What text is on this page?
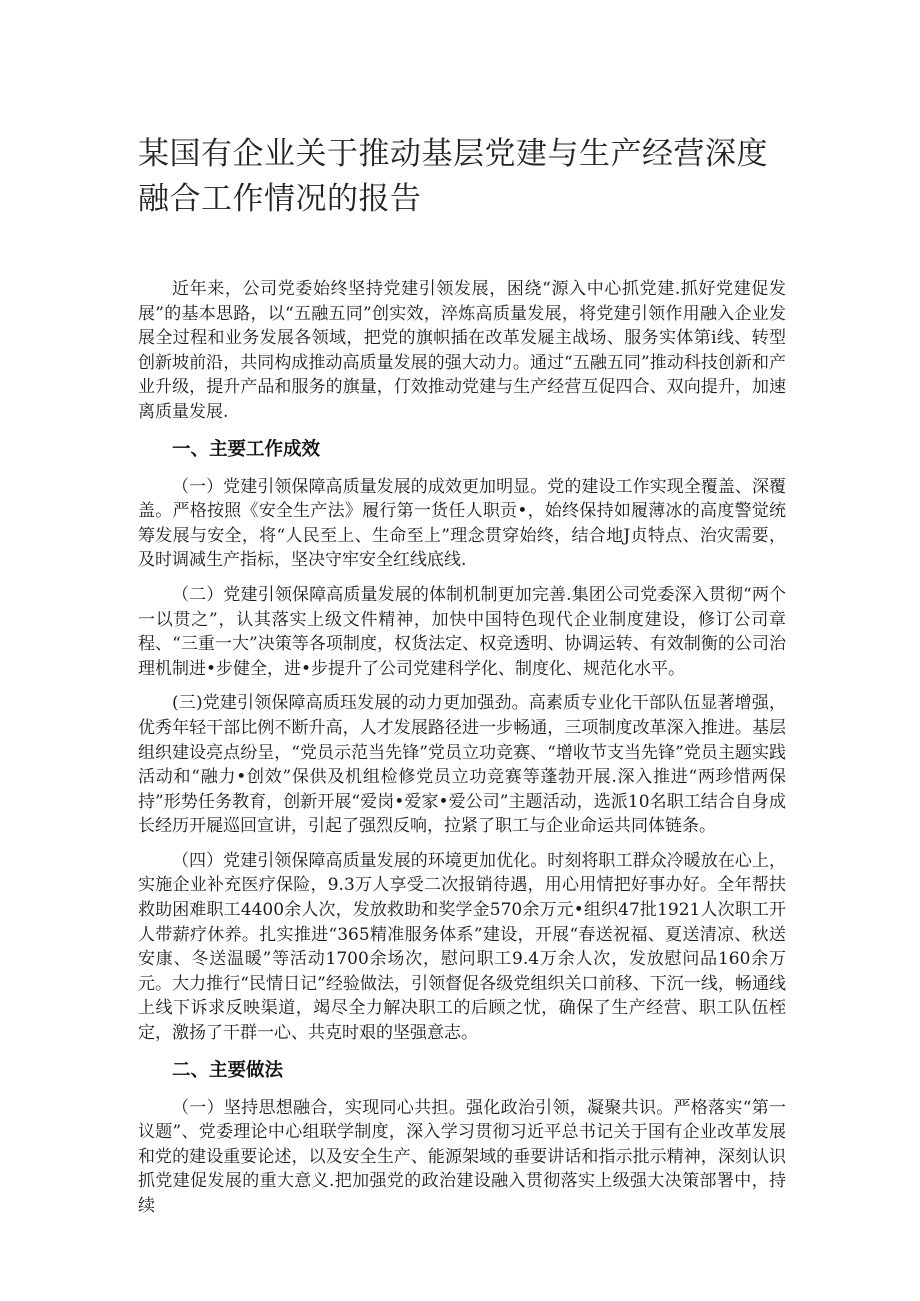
某国有企业关于推动基层党建与生产经营深度融合工作情况的报告

近年来，公司党委始终坚持党建引领发展，困绕“源入中心抓党建.抓好党建促发展”的基本思路，以“五融五同”创实效，淬炼高质量发展，将党建引领作用融入企业发展全过程和业务发展各领域，把党的旗帜插在改革发屣主战场、服务实体第i线、转型创新坡前沿，共同构成推动高质量发展的强大动力。通过“五融五同”推动科技创新和产业升级，提升产品和服务的旗量，仃效推动党建与生产经营互促四合、双向提升，加速离质量发展.

一、主要工作成效

（一）党建引领保障高质量发展的成效更加明显。党的建设工作实现全覆盖、深覆盖。严格按照《安全生产法》履行第一货任人职贡•，始终保持如履薄冰的高度警觉统筹发展与安全，将“人民至上、生命至上”理念贯穿始终，结合地J贞特点、治灾需要，及时调减生产指标，坚决守牢安全红线底线.

（二）党建引领保障高质量发展的体制机制更加完善.集团公司党委深入贯彻“两个一以贯之”，认其落实上级文件精神，加快中国特色现代企业制度建设，修订公司章程、“三重一大”决策等各项制度，权货法定、权竞透明、协调运转、有效制衡的公司治理机制进•步健全，进•步提升了公司党建科学化、制度化、规范化水平。

(三)党建引领保障高质珏发展的动力更加强劲。高素质专业化干部队伍显著增强，优秀年轻干部比例不断升高，人才发展路径进一步畅通，三项制度改革深入推进。基层组织建设亮点纷呈，“党员示范当先锋”党员立功竞赛、“增收节支当先锋”党员主题实践活动和“融力•创效”保供及机组检修党员立功竞赛等蓬勃开展.深入推进“两珍惜两保持”形势任务教育，创新开展“爱岗•爱家•爱公司”主题活动，选派10名职工结合自身成长经历开屣巡回宣讲，引起了强烈反响，拉紧了职工与企业命运共同体链条。

（四）党建引领保障高质量发展的环境更加优化。时刻将职工群众冷暖放在心上，实施企业补充医疗保险，9.3万人享受二次报销待遇，用心用情把好事办好。全年帮扶救助困难职工4400余人次，发放救助和奖学金570余万元•组织47批1921人次职工开人带薪疗休养。扎实推进“365精准服务体系”建设，开展“春送祝福、夏送清凉、秋送安康、冬送温暖”等活动1700余场次，慰问职工9.4万余人次，发放慰问品160余万元。大力推行“民情日记”经验做法，引领督促各级党组织关口前移、下沉一线，畅通线上线下诉求反映渠道，竭尽全力解决职工的后顾之忧，确保了生产经营、职工队伍桎定，激扬了干群一心、共克时艰的坚强意志。

二、主要做法

（一）坚持思想融合，实现同心共担。强化政治引领，凝聚共识。严格落实“第一议题”、党委理论中心组联学制度，深入学习贯彻习近平总书记关于国有企业改革发展和党的建设重要论述，以及安全生产、能源架域的垂要讲话和指示批示精神，深刻认识抓党建促发展的重大意义.把加强党的政治建设融入贯彻落实上级强大决策部署中，持续
